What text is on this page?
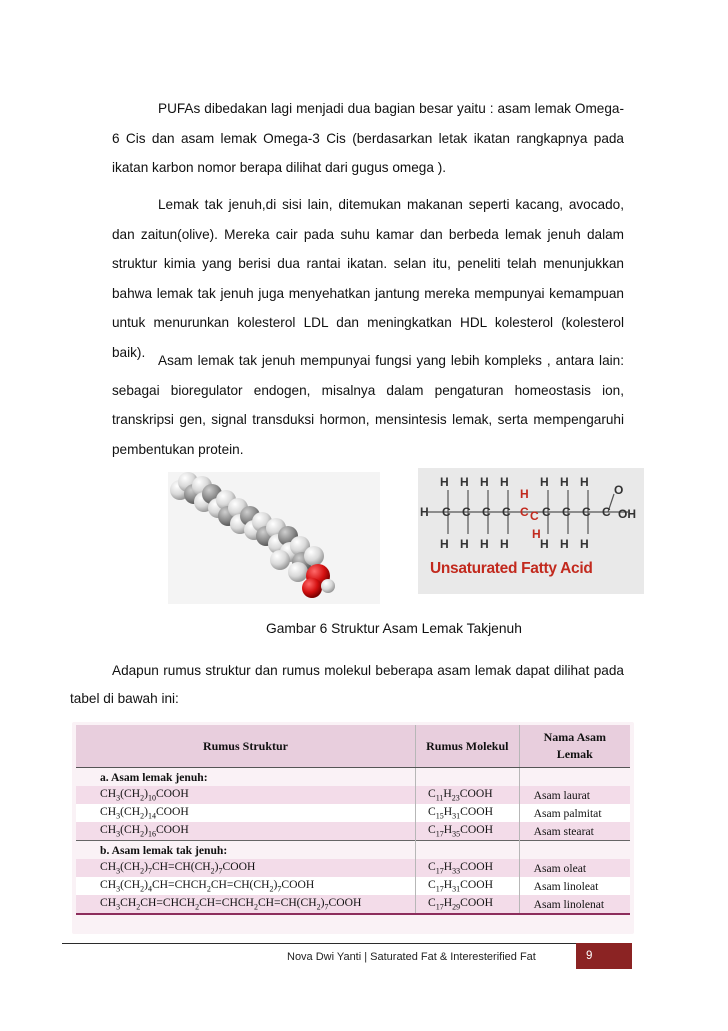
PUFAs dibedakan lagi menjadi dua bagian besar yaitu : asam lemak Omega-6 Cis dan asam lemak Omega-3 Cis (berdasarkan letak ikatan rangkapnya pada ikatan karbon nomor berapa dilihat dari gugus omega ).

Lemak tak jenuh,di sisi lain, ditemukan makanan seperti kacang, avocado, dan zaitun(olive). Mereka cair pada suhu kamar dan berbeda lemak jenuh dalam struktur kimia yang berisi dua rantai ikatan. selan itu, peneliti telah menunjukkan bahwa lemak tak jenuh juga menyehatkan jantung mereka mempunyai kemampuan untuk menurunkan kolesterol LDL dan meningkatkan HDL kolesterol (kolesterol baik).

Asam lemak tak jenuh mempunyai fungsi yang lebih kompleks , antara lain: sebagai bioregulator endogen, misalnya dalam pengaturan homeostasis ion, transkripsi gen, signal transduksi hormon, mensintesis lemak, serta mempengaruhi pembentukan protein.

H H H H
H
H H H
H C C C C C C C C C C
O
OH
H H H H
H
H H H
Unsaturated Fatty Acid
Gambar 6 Struktur Asam Lemak Takjenuh

Adapun rumus struktur dan rumus molekul beberapa asam lemak dapat dilihat pada tabel di bawah ini:

Rumus Struktur	Rumus Molekul	Nama Asam Lemak
a. Asam lemak jenuh:		
$CH_3(CH_2)_{10}COOH$	$C_{11}H_{23}COOH$	Asam laurat
$CH_3(CH_2)_{14}COOH$	$C_{15}H_{31}COOH$	Asam palmitat
$CH_3(CH_2)_{16}COOH$	$C_{17}H_{35}COOH$	Asam stearat
b. Asam lemak tak jenuh:		
$CH_3(CH_2)_7CH=CH(CH_2)_7COOH$	$C_{17}H_{33}COOH$	Asam oleat
$CH_3(CH_2)_4CH=CHCH_2CH=CH(CH_2)_7COOH$	$C_{17}H_{31}COOH$	Asam linoleat
$CH_3CH_2CH=CHCH_2CH=CHCH_2CH=CH(CH_2)_7COOH$	$C_{17}H_{29}COOH$	Asam linolenat
Nova Dwi Yanti | Saturated Fat & Interesterified Fat	9
